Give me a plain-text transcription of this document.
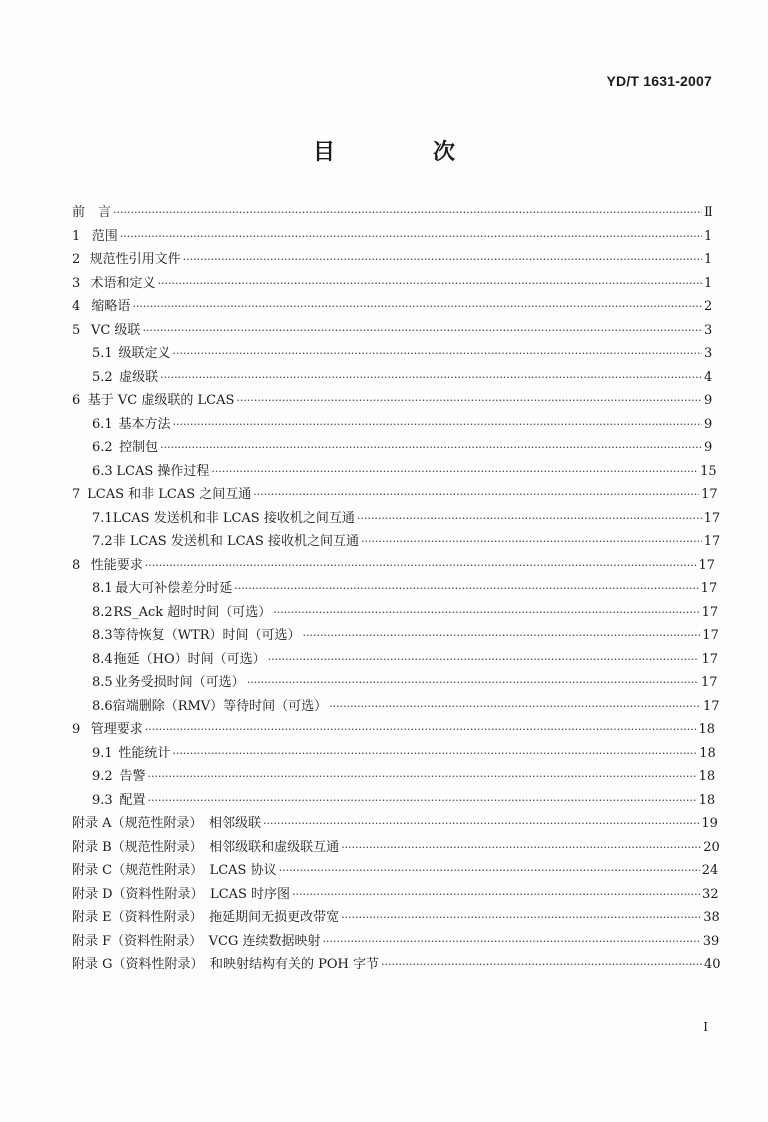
YD/T 1631-2007
目　次
前　言 ·····	Ⅱ
1 范围 ·····	1
2 规范性引用文件 ·····	1
3 术语和定义 ·····	1
4 缩略语 ·····	2
5 VC 级联 ·····	3
5.1 级联定义 ·····	3
5.2 虚级联 ·····	4
6 基于 VC 虚级联的 LCAS ·····	9
6.1 基本方法 ·····	9
6.2 控制包 ·····	9
6.3 LCAS 操作过程 ·····	15
7 LCAS 和非 LCAS 之间互通 ·····	17
7.1 LCAS 发送机和非 LCAS 接收机之间互通 ·····	17
7.2 非 LCAS 发送机和 LCAS 接收机之间互通 ·····	17
8 性能要求 ·····	17
8.1 最大可补偿差分时延 ·····	17
8.2 RS_Ack 超时时间（可选） ·····	17
8.3 等待恢复（WTR）时间（可选） ·····	17
8.4 拖延（HO）时间（可选） ·····	17
8.5 业务受损时间（可选） ·····	17
8.6 宿端删除（RMV）等待时间（可选） ·····	17
9 管理要求 ·····	18
9.1 性能统计 ·····	18
9.2 告警 ·····	18
9.3 配置 ·····	18
附录 A（规范性附录）　相邻级联 ·····	19
附录 B（规范性附录）　相邻级联和虚级联互通 ·····	20
附录 C（规范性附录）　LCAS 协议 ·····	24
附录 D（资料性附录）　LCAS 时序图 ·····	32
附录 E（资料性附录）　拖延期间无损更改带宽 ·····	38
附录 F（资料性附录）　VCG 连续数据映射 ·····	39
附录 G（资料性附录）　和映射结构有关的 POH 字节 ·····	40
I
